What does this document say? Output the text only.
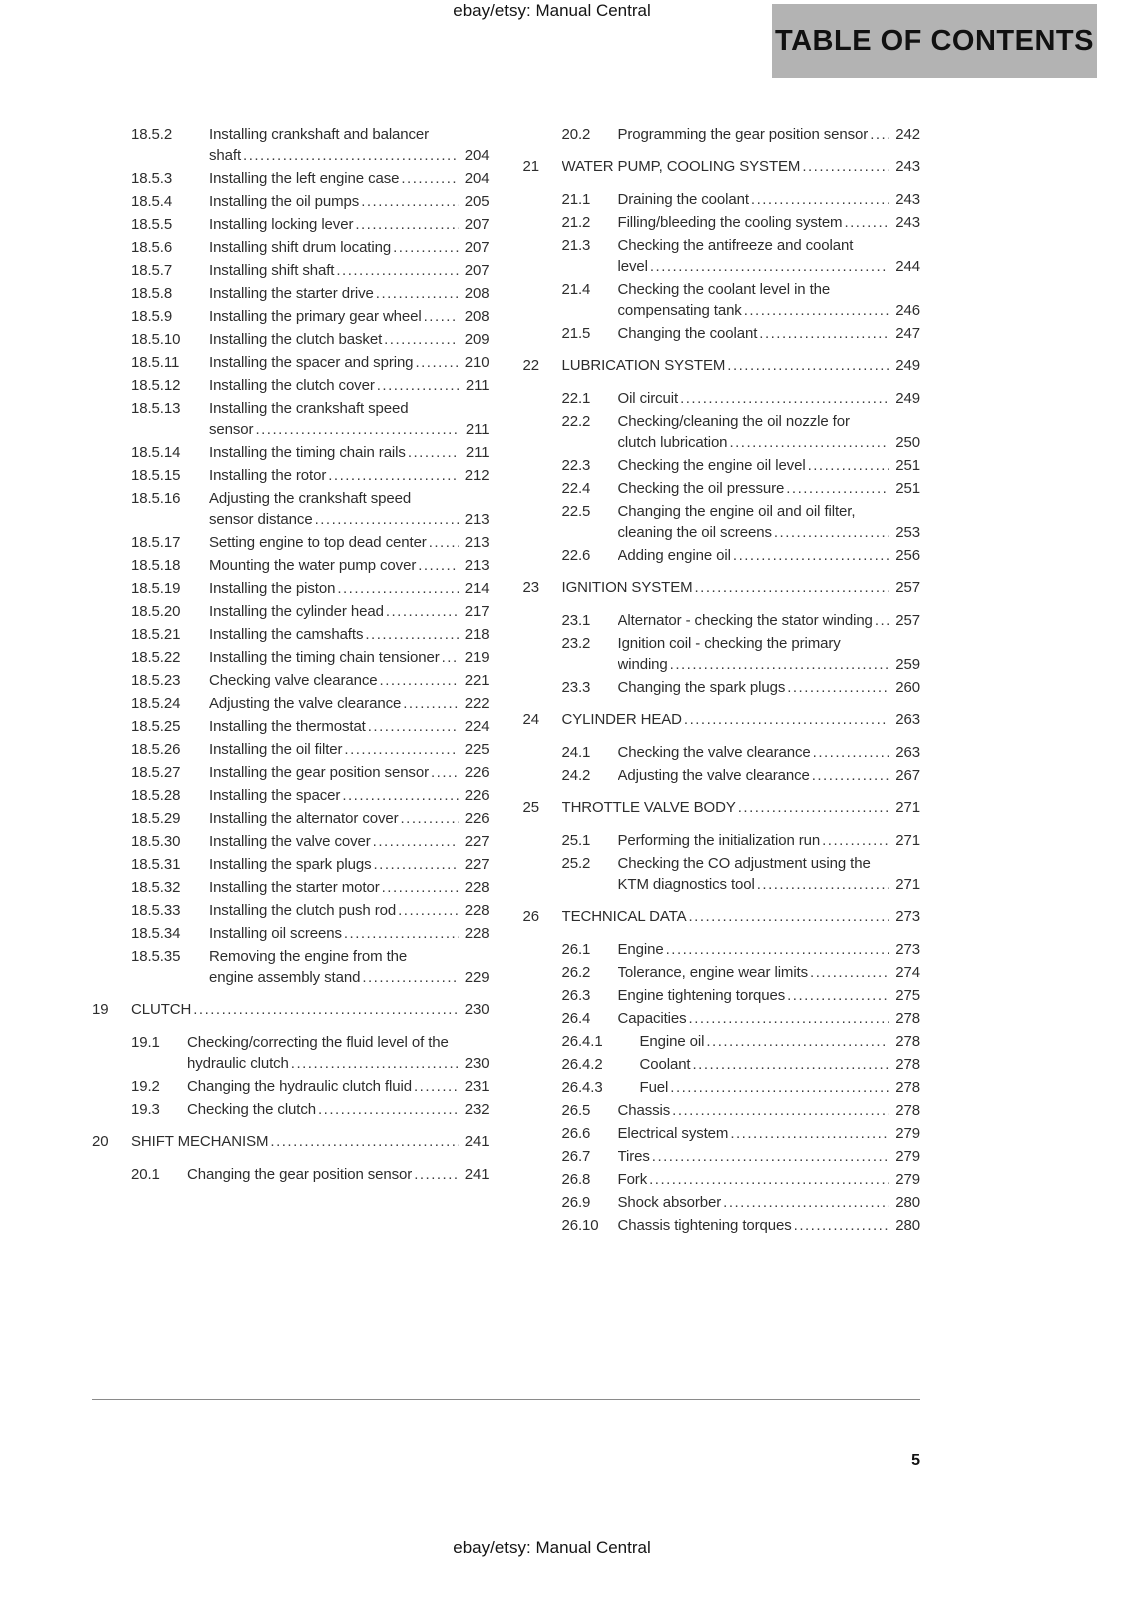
ebay/etsy: Manual Central
TABLE OF CONTENTS
18.5.2	Installing crankshaft and balancer shaft .....	204
18.5.3	Installing the left engine case .....	204
18.5.4	Installing the oil pumps .....	205
18.5.5	Installing locking lever .....	207
18.5.6	Installing shift drum locating .....	207
18.5.7	Installing shift shaft .....	207
18.5.8	Installing the starter drive .....	208
18.5.9	Installing the primary gear wheel .....	208
18.5.10	Installing the clutch basket .....	209
18.5.11	Installing the spacer and spring .....	210
18.5.12	Installing the clutch cover .....	211
18.5.13	Installing the crankshaft speed sensor .....	211
18.5.14	Installing the timing chain rails .....	211
18.5.15	Installing the rotor .....	212
18.5.16	Adjusting the crankshaft speed sensor distance .....	213
18.5.17	Setting engine to top dead center .....	213
18.5.18	Mounting the water pump cover .....	213
18.5.19	Installing the piston .....	214
18.5.20	Installing the cylinder head .....	217
18.5.21	Installing the camshafts .....	218
18.5.22	Installing the timing chain tensioner .....	219
18.5.23	Checking valve clearance .....	221
18.5.24	Adjusting the valve clearance .....	222
18.5.25	Installing the thermostat .....	224
18.5.26	Installing the oil filter .....	225
18.5.27	Installing the gear position sensor .....	226
18.5.28	Installing the spacer .....	226
18.5.29	Installing the alternator cover .....	226
18.5.30	Installing the valve cover .....	227
18.5.31	Installing the spark plugs .....	227
18.5.32	Installing the starter motor .....	228
18.5.33	Installing the clutch push rod .....	228
18.5.34	Installing oil screens .....	228
18.5.35	Removing the engine from the engine assembly stand .....	229
19	CLUTCH .....	230
19.1	Checking/correcting the fluid level of the hydraulic clutch .....	230
19.2	Changing the hydraulic clutch fluid .....	231
19.3	Checking the clutch .....	232
20	SHIFT MECHANISM .....	241
20.1	Changing the gear position sensor .....	241
20.2	Programming the gear position sensor .....	242
21	WATER PUMP, COOLING SYSTEM .....	243
21.1	Draining the coolant .....	243
21.2	Filling/bleeding the cooling system .....	243
21.3	Checking the antifreeze and coolant level .....	244
21.4	Checking the coolant level in the compensating tank .....	246
21.5	Changing the coolant .....	247
22	LUBRICATION SYSTEM .....	249
22.1	Oil circuit .....	249
22.2	Checking/cleaning the oil nozzle for clutch lubrication .....	250
22.3	Checking the engine oil level .....	251
22.4	Checking the oil pressure .....	251
22.5	Changing the engine oil and oil filter, cleaning the oil screens .....	253
22.6	Adding engine oil .....	256
23	IGNITION SYSTEM .....	257
23.1	Alternator - checking the stator winding .....	257
23.2	Ignition coil - checking the primary winding .....	259
23.3	Changing the spark plugs .....	260
24	CYLINDER HEAD .....	263
24.1	Checking the valve clearance .....	263
24.2	Adjusting the valve clearance .....	267
25	THROTTLE VALVE BODY .....	271
25.1	Performing the initialization run .....	271
25.2	Checking the CO adjustment using the KTM diagnostics tool .....	271
26	TECHNICAL DATA .....	273
26.1	Engine .....	273
26.2	Tolerance, engine wear limits .....	274
26.3	Engine tightening torques .....	275
26.4	Capacities .....	278
26.4.1	Engine oil .....	278
26.4.2	Coolant .....	278
26.4.3	Fuel .....	278
26.5	Chassis .....	278
26.6	Electrical system .....	279
26.7	Tires .....	279
26.8	Fork .....	279
26.9	Shock absorber .....	280
26.10	Chassis tightening torques .....	280
5
ebay/etsy: Manual Central
